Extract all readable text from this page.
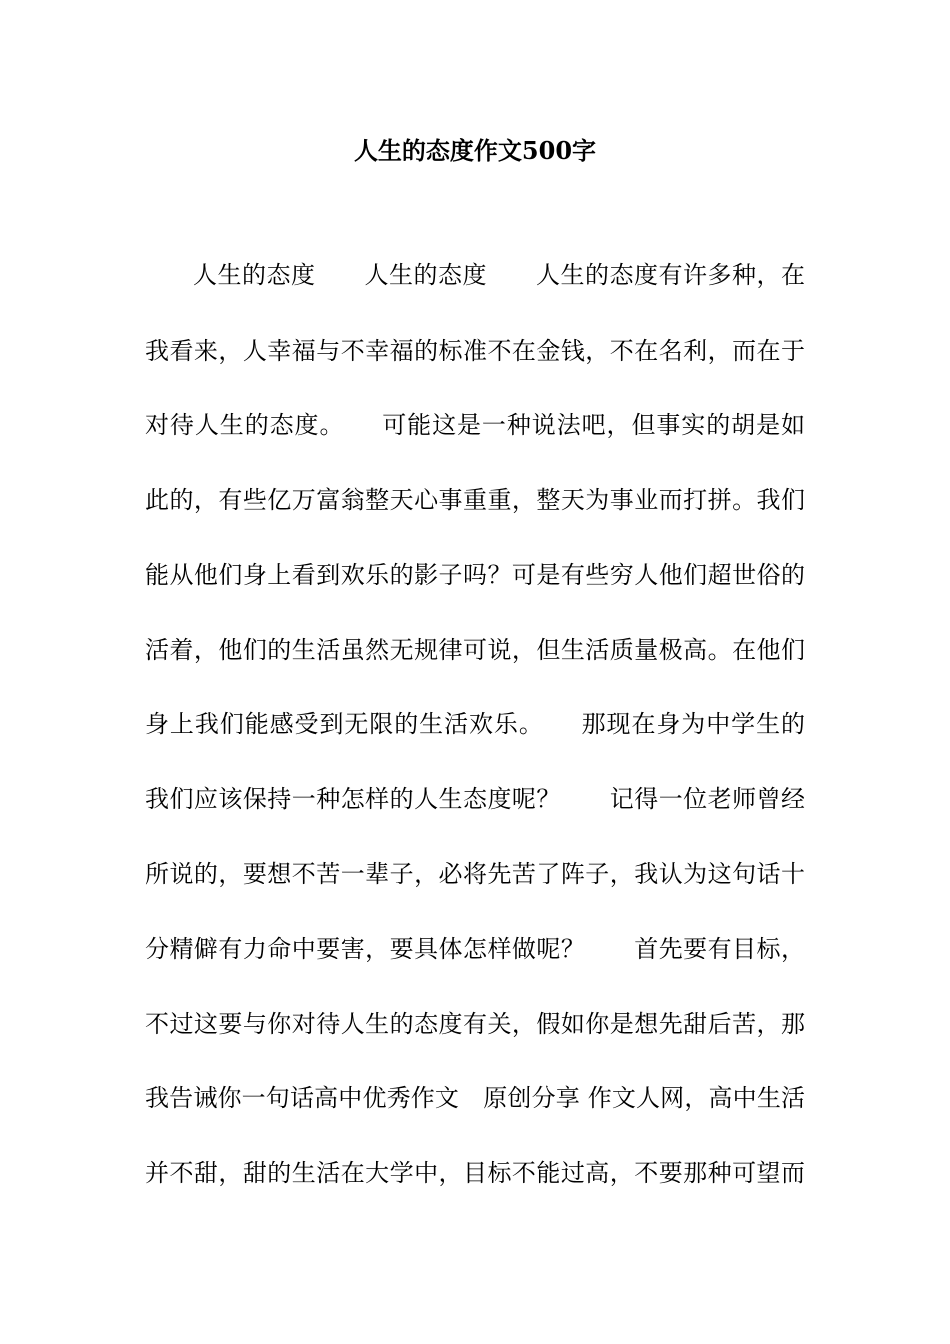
人生的态度作文500字

人生的态度　　人生的态度　　人生的态度有许多种，在

我看来，人幸福与不幸福的标准不在金钱，不在名利，而在于

对待人生的态度。　　可能这是一种说法吧，但事实的胡是如

此的，有些亿万富翁整天心事重重，整天为事业而打拼。我们

能从他们身上看到欢乐的影子吗？可是有些穷人他们超世俗的

活着，他们的生活虽然无规律可说，但生活质量极高。在他们

身上我们能感受到无限的生活欢乐。　　那现在身为中学生的

我们应该保持一种怎样的人生态度呢？　　记得一位老师曾经

所说的，要想不苦一辈子，必将先苦了阵子，我认为这句话十

分精僻有力命中要害，要具体怎样做呢？　　首先要有目标，

不过这要与你对待人生的态度有关，假如你是想先甜后苦，那

我告诫你一句话高中优秀作文　原创分享 作文人网，高中生活

并不甜，甜的生活在大学中，目标不能过高，不要那种可望而
